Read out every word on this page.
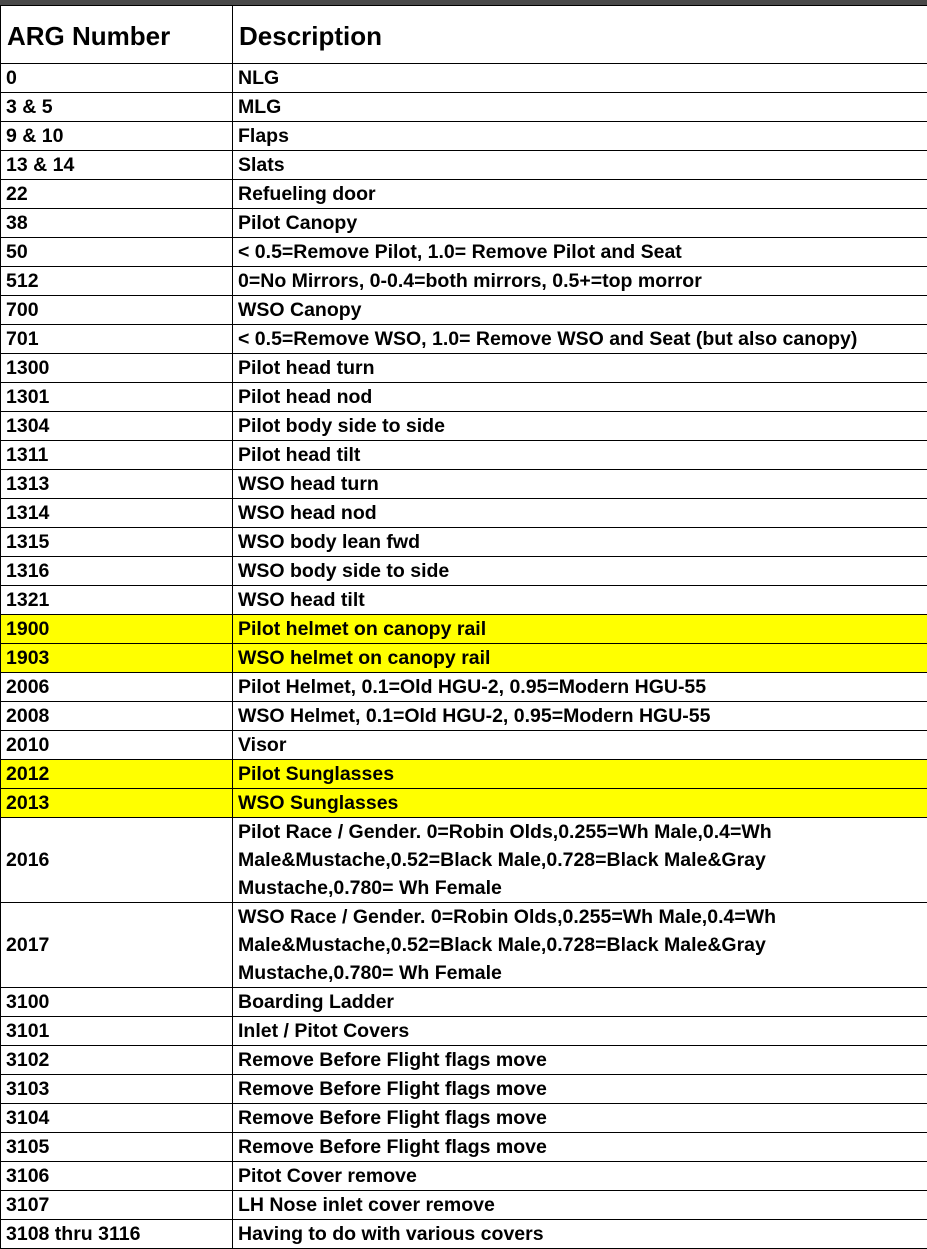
ARG Number	Description
0	NLG
3 & 5	MLG
9 & 10	Flaps
13 & 14	Slats
22	Refueling door
38	Pilot Canopy
50	< 0.5=Remove Pilot, 1.0= Remove Pilot and Seat
512	0=No Mirrors, 0-0.4=both mirrors, 0.5+=top morror
700	WSO Canopy
701	< 0.5=Remove WSO, 1.0= Remove WSO and Seat (but also canopy)
1300	Pilot head turn
1301	Pilot head nod
1304	Pilot body side to side
1311	Pilot head tilt
1313	WSO head turn
1314	WSO head nod
1315	WSO body lean fwd
1316	WSO body side to side
1321	WSO head tilt
1900	Pilot helmet on canopy rail
1903	WSO helmet on canopy rail
2006	Pilot Helmet, 0.1=Old HGU-2, 0.95=Modern HGU-55
2008	WSO Helmet, 0.1=Old HGU-2, 0.95=Modern HGU-55
2010	Visor
2012	Pilot Sunglasses
2013	WSO Sunglasses
2016	Pilot Race / Gender. 0=Robin Olds,0.255=Wh Male,0.4=Wh
Male&Mustache,0.52=Black Male,0.728=Black Male&Gray
Mustache,0.780= Wh Female

2017	WSO Race / Gender. 0=Robin Olds,0.255=Wh Male,0.4=Wh
Male&Mustache,0.52=Black Male,0.728=Black Male&Gray
Mustache,0.780= Wh Female

3100	Boarding Ladder
3101	Inlet / Pitot Covers
3102	Remove Before Flight flags move
3103	Remove Before Flight flags move
3104	Remove Before Flight flags move
3105	Remove Before Flight flags move
3106	Pitot Cover remove
3107	LH Nose inlet cover remove
3108 thru 3116	Having to do with various covers
